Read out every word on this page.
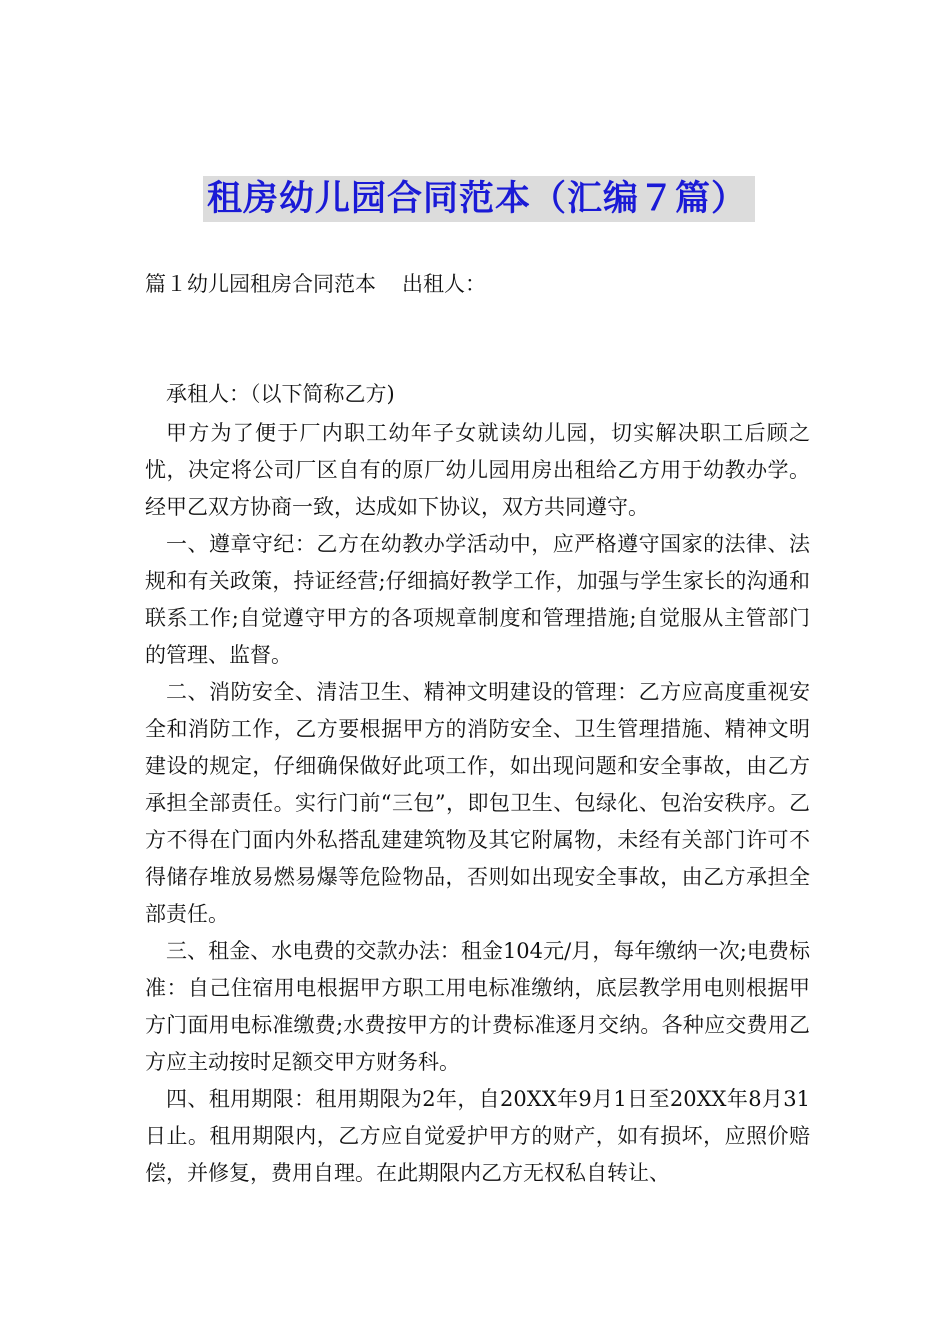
租房幼儿园合同范本（汇编７篇）
篇１幼儿园租房合同范本 出租人：
承租人：（以下简称乙方)

甲方为了便于厂内职工幼年子女就读幼儿园，切实解决职工后顾之忧，决定将公司厂区自有的原厂幼儿园用房出租给乙方用于幼教办学。经甲乙双方协商一致，达成如下协议，双方共同遵守。

一、遵章守纪：乙方在幼教办学活动中，应严格遵守国家的法律、法规和有关政策，持证经营;仔细搞好教学工作，加强与学生家长的沟通和联系工作;自觉遵守甲方的各项规章制度和管理措施;自觉服从主管部门的管理、监督。

二、消防安全、清洁卫生、精神文明建设的管理：乙方应高度重视安全和消防工作，乙方要根据甲方的消防安全、卫生管理措施、精神文明建设的规定，仔细确保做好此项工作，如出现问题和安全事故，由乙方承担全部责任。实行门前“三包”，即包卫生、包绿化、包治安秩序。乙方不得在门面内外私搭乱建建筑物及其它附属物，未经有关部门许可不得储存堆放易燃易爆等危险物品，否则如出现安全事故，由乙方承担全部责任。

三、租金、水电费的交款办法：租金104元/月，每年缴纳一次;电费标准：自己住宿用电根据甲方职工用电标准缴纳，底层教学用电则根据甲方门面用电标准缴费;水费按甲方的计费标准逐月交纳。各种应交费用乙方应主动按时足额交甲方财务科。

四、租用期限：租用期限为2年，自20XX年9月1日至20XX年8月31日止。租用期限内，乙方应自觉爱护甲方的财产，如有损坏，应照价赔偿，并修复，费用自理。在此期限内乙方无权私自转让、
